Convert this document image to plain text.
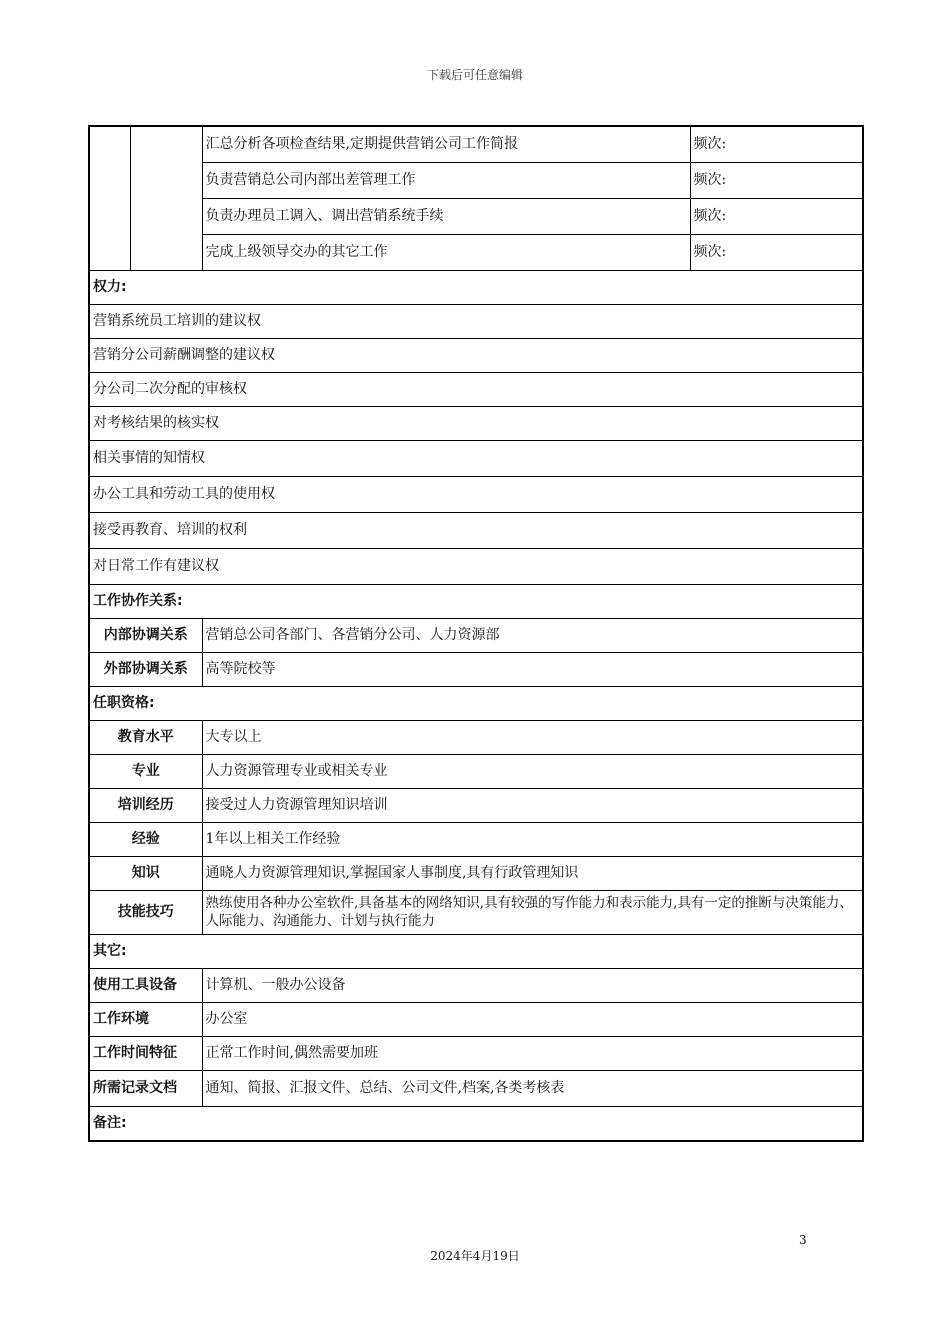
下载后可任意编辑
		汇总分析各项检查结果,定期提供营销公司工作简报	频次:
		负责营销总公司内部出差管理工作	频次:
		负责办理员工调入、调出营销系统手续	频次:
		完成上级领导交办的其它工作	频次:
权力:			
营销系统员工培训的建议权			
营销分公司薪酬调整的建议权			
分公司二次分配的审核权			
对考核结果的核实权			
相关事情的知情权			
办公工具和劳动工具的使用权			
接受再教育、培训的权利			
对日常工作有建议权			
工作协作关系:			
内部协调关系		营销总公司各部门、各营销分公司、人力资源部	
外部协调关系		高等院校等	
任职资格:			
教育水平		大专以上	
专业		人力资源管理专业或相关专业	
培训经历		接受过人力资源管理知识培训	
经验		1年以上相关工作经验	
知识		通晓人力资源管理知识,掌握国家人事制度,具有行政管理知识	
技能技巧		熟练使用各种办公室软件,具备基本的网络知识,具有较强的写作能力和表示能力,具有一定的推断与决策能力、人际能力、沟通能力、计划与执行能力	
其它:			
使用工具设备		计算机、一般办公设备	
工作环境		办公室	
工作时间特征		正常工作时间,偶然需要加班	
所需记录文档		通知、简报、汇报文件、总结、公司文件,档案,各类考核表	
备注:			
3
2024年4月19日
